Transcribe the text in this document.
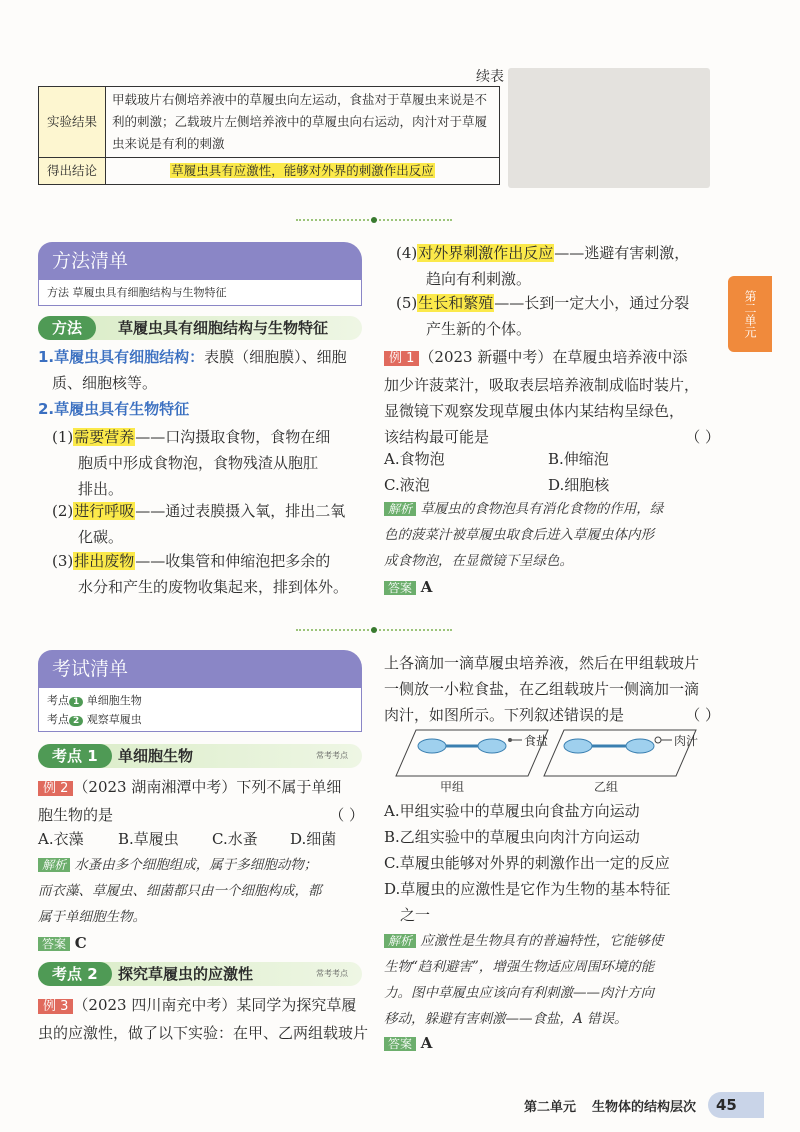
续表
实验结果	甲载玻片右侧培养液中的草履虫向左运动，食盐对于草履虫来说是不利的刺激；乙载玻片左侧培养液中的草履虫向右运动，肉汁对于草履虫来说是有利的刺激
得出结论	草履虫具有应激性，能够对外界的刺激作出反应
方法清单
方法 草履虫具有细胞结构与生物特征
方法	草履虫具有细胞结构与生物特征
1.草履虫具有细胞结构：表膜（细胞膜）、细胞
质、细胞核等。
2.草履虫具有生物特征
(1)需要营养——口沟摄取食物，食物在细
胞质中形成食物泡，食物残渣从胞肛
排出。
(2)进行呼吸——通过表膜摄入氧，排出二氧
化碳。
(3)排出废物——收集管和伸缩泡把多余的
水分和产生的废物收集起来，排到体外。
(4)对外界刺激作出反应——逃避有害刺激，
趋向有利刺激。
(5)生长和繁殖——长到一定大小，通过分裂
产生新的个体。	第二单元
例 1 （2023 新疆中考）在草履虫培养液中添
加少许菠菜汁，吸取表层培养液制成临时装片，
显微镜下观察发现草履虫体内某结构呈绿色，
该结构最可能是	（ ）
A.食物泡	B.伸缩泡
C.液泡	D.细胞核
解析 草履虫的食物泡具有消化食物的作用，绿
色的菠菜汁被草履虫取食后进入草履虫体内形
成食物泡，在显微镜下呈绿色。
答案 A
考试清单
考点 1 单细胞生物
考点 2 观察草履虫
考点 1	单细胞生物	常考考点
例 2 （2023 湖南湘潭中考）下列不属于单细
胞生物的是	（ ）
A.衣藻 B.草履虫 C.水蚤 D.细菌
解析 水蚤由多个细胞组成，属于多细胞动物；
而衣藻、草履虫、细菌都只由一个细胞构成，都
属于单细胞生物。
答案 C
考点 2	探究草履虫的应激性	常考考点
例 3 （2023 四川南充中考）某同学为探究草履
虫的应激性，做了以下实验：在甲、乙两组载玻片
上各滴加一滴草履虫培养液，然后在甲组载玻片
一侧放一小粒食盐，在乙组载玻片一侧滴加一滴
肉汁，如图所示。下列叙述错误的是	（ ）
食盐	肉汁
甲组	乙组
A.甲组实验中的草履虫向食盐方向运动
B.乙组实验中的草履虫向肉汁方向运动
C.草履虫能够对外界的刺激作出一定的反应
D.草履虫的应激性是它作为生物的基本特征
之一
解析 应激性是生物具有的普遍特性，它能够使
生物“趋利避害”，增强生物适应周围环境的能
力。图中草履虫应该向有利刺激——肉汁方向
移动，躲避有害刺激——食盐，A 错误。
答案 A
第二单元 生物体的结构层次	45
